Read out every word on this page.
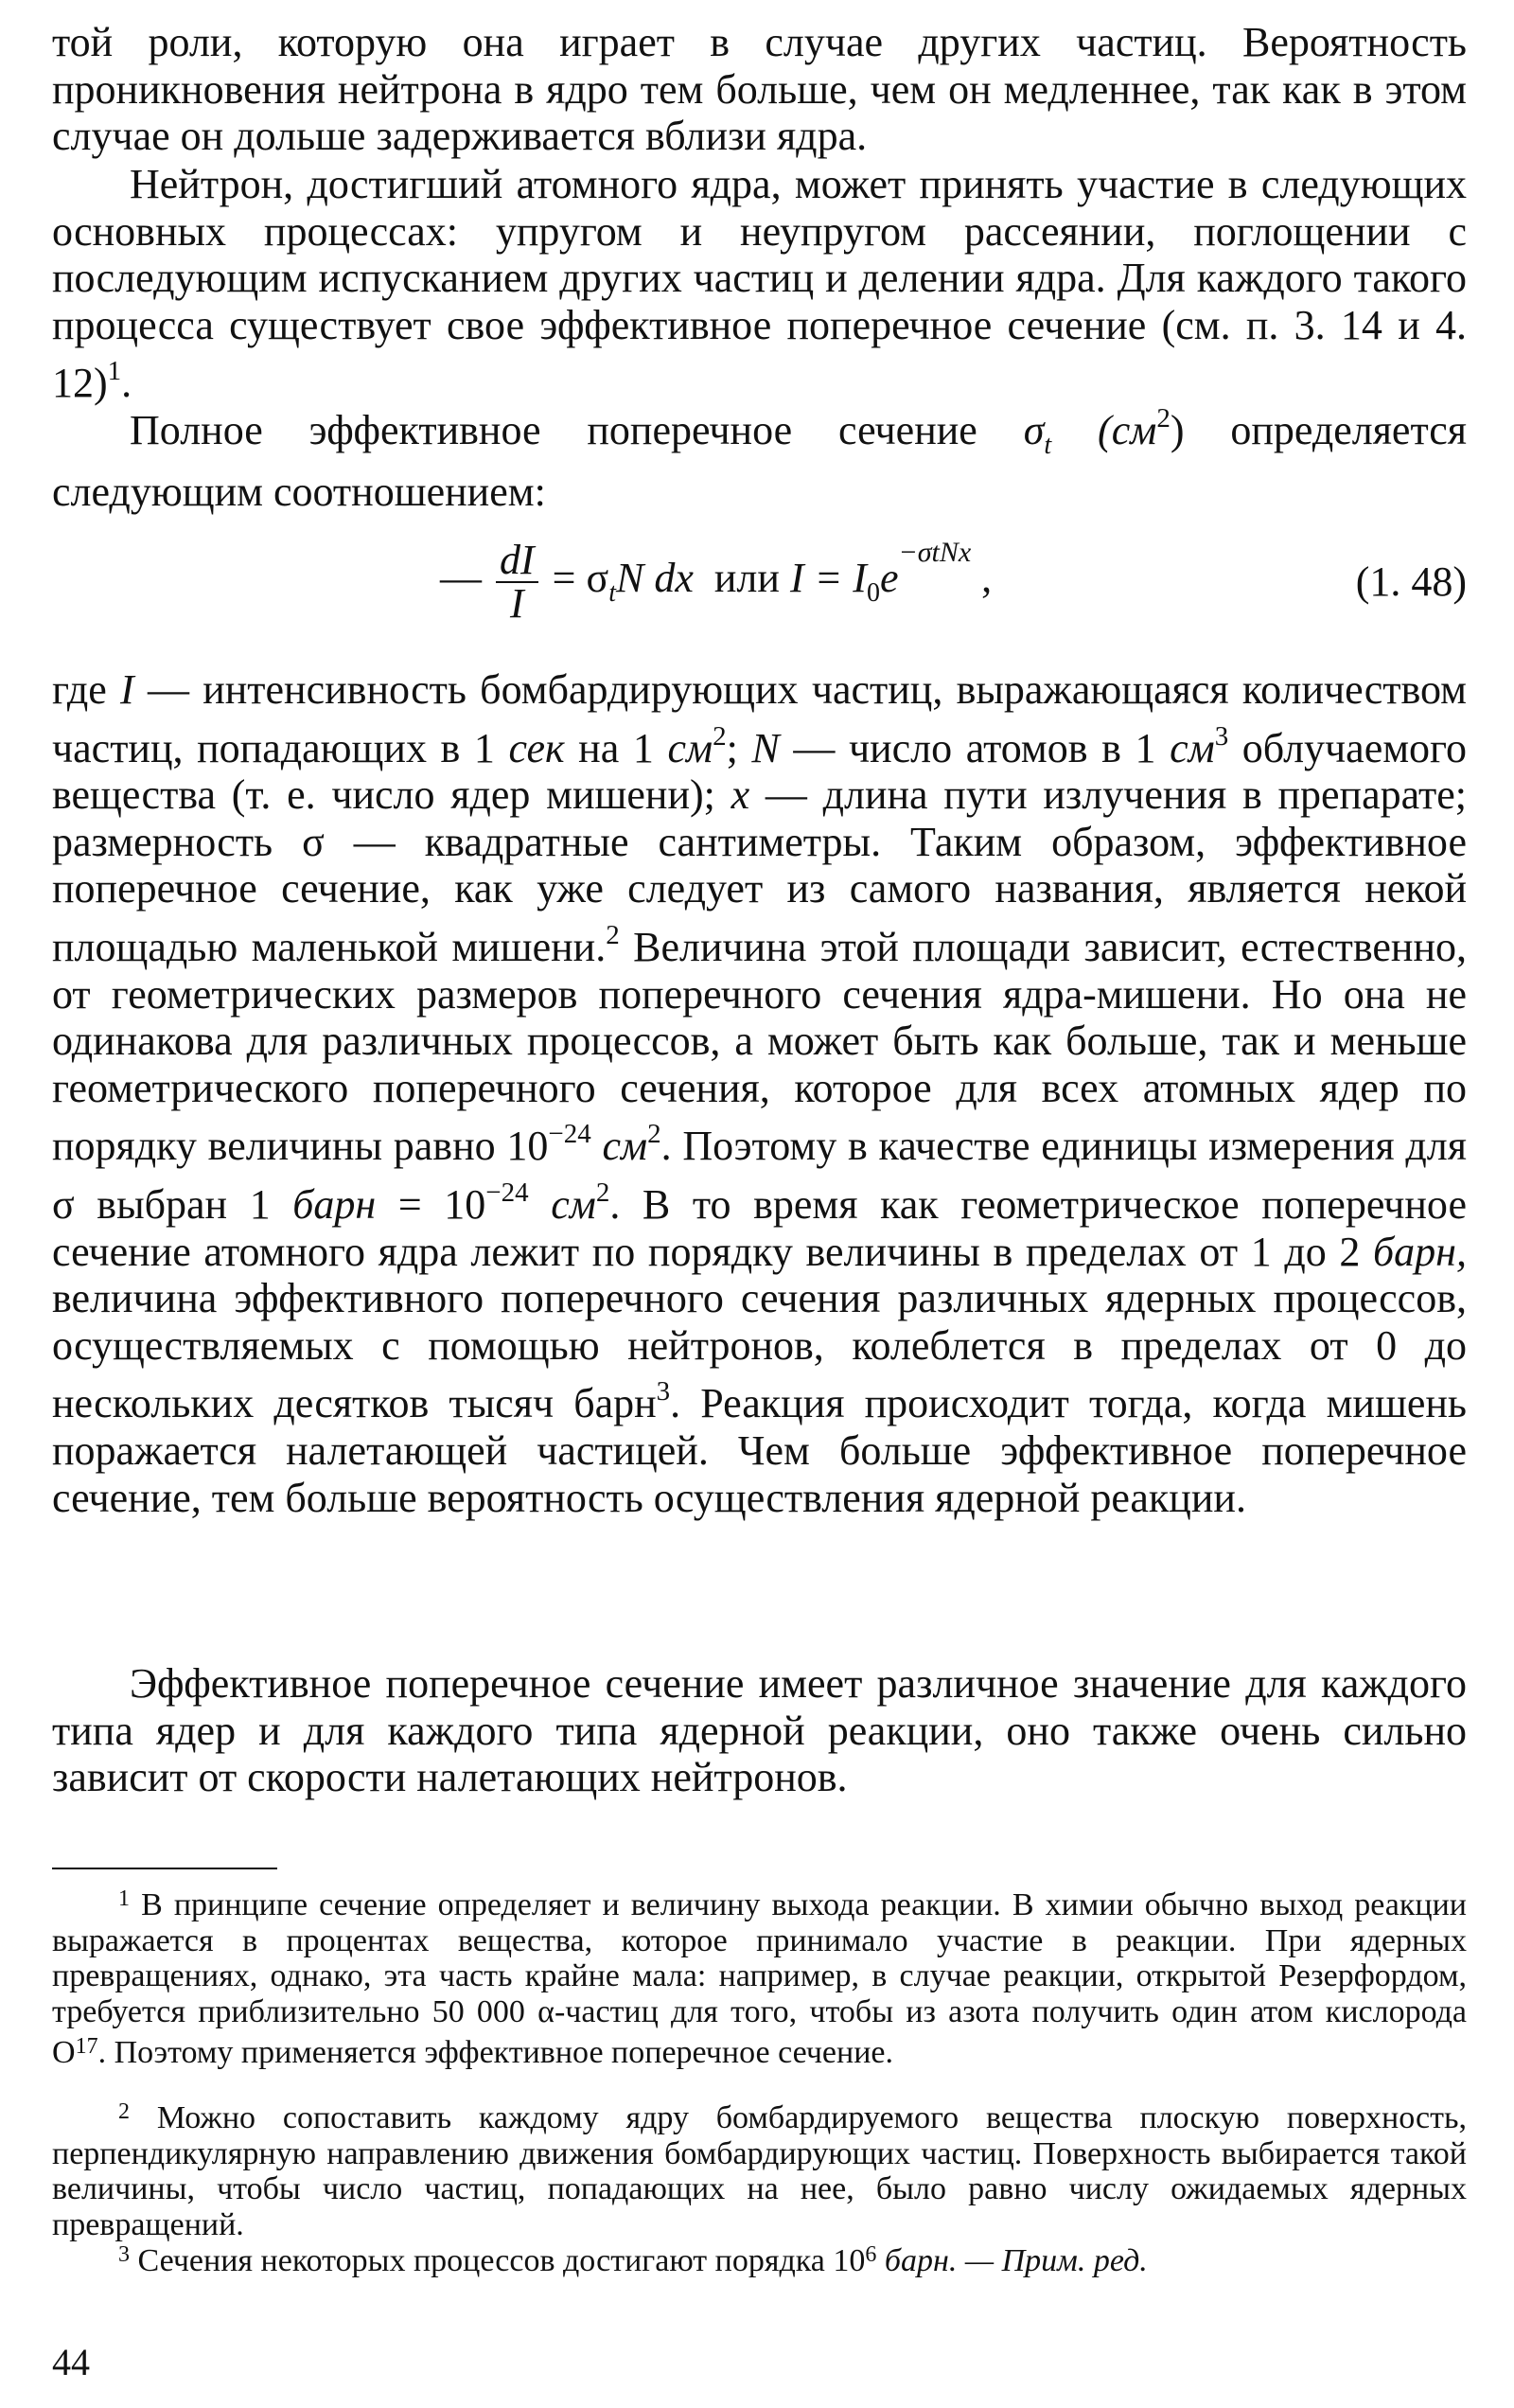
той роли, которую она играет в случае других частиц. Вероятность проникновения нейтрона в ядро тем больше, чем он медленнее, так как в этом случае он дольше задерживается вблизи ядра.

Нейтрон, достигший атомного ядра, может принять участие в следующих основных процессах: упругом и неупругом рассеянии, поглощении с последующим испусканием других частиц и делении ядра. Для каждого такого процесса существует свое эффективное поперечное сечение (см. п. 3. 14 и 4. 12)$^1$.

Полное эффективное поперечное сечение $\sigma_t$ $(см^2)$ определяется следующим соотношением:

— $\frac{dI}{I} = \sigma_tN$ dx или $I = I_0e^{-\sigma tNx}$ ,	(1. 48)

где I — интенсивность бомбардирующих частиц, выражающаяся количеством частиц, попадающих в 1 сек на 1 $см^2$; N — число атомов в 1 $см^3$ облучаемого вещества (т. е. число ядер мишени); x — длина пути излучения в препарате; размерность σ — квадратные сантиметры. Таким образом, эффективное поперечное сечение, как уже следует из самого названия, является некой площадью маленькой мишени.$^2$ Величина этой площади зависит, естественно, от геометрических размеров поперечного сечения ядра-мишени. Но она не одинакова для различных процессов, а может быть как больше, так и меньше геометрического поперечного сечения, которое для всех атомных ядер по порядку величины равно $10^{-24}$ $см^2$. Поэтому в качестве единицы измерения для σ выбран 1 барн = $10^{-24}$ $см^2$. В то время как геометрическое поперечное сечение атомного ядра лежит по порядку величины в пределах от 1 до 2 барн, величина эффективного поперечного сечения различных ядерных процессов, осуществляемых с помощью нейтронов, колеблется в пределах от 0 до нескольких десятков тысяч барн$^3$. Реакция происходит тогда, когда мишень поражается налетающей частицей. Чем больше эффективное поперечное сечение, тем больше вероятность осуществления ядерной реакции.

Эффективное поперечное сечение имеет различное значение для каждого типа ядер и для каждого типа ядерной реакции, оно также очень сильно зависит от скорости налетающих нейтронов.

$^1$ В принципе сечение определяет и величину выхода реакции. В химии обычно выход реакции выражается в процентах вещества, которое принимало участие в реакции. При ядерных превращениях, однако, эта часть крайне мала: например, в случае реакции, открытой Резерфордом, требуется приблизительно 50 000 α-частиц для того, чтобы из азота получить один атом кислорода O$^{17}$. Поэтому применяется эффективное поперечное сечение.

$^2$ Можно сопоставить каждому ядру бомбардируемого вещества плоскую поверхность, перпендикулярную направлению движения бомбардирующих частиц. Поверхность выбирается такой величины, чтобы число частиц, попадающих на нее, было равно числу ожидаемых ядерных превращений.

$^3$ Сечения некоторых процессов достигают порядка 10$^6$ барн. — Прим. ред.

44
